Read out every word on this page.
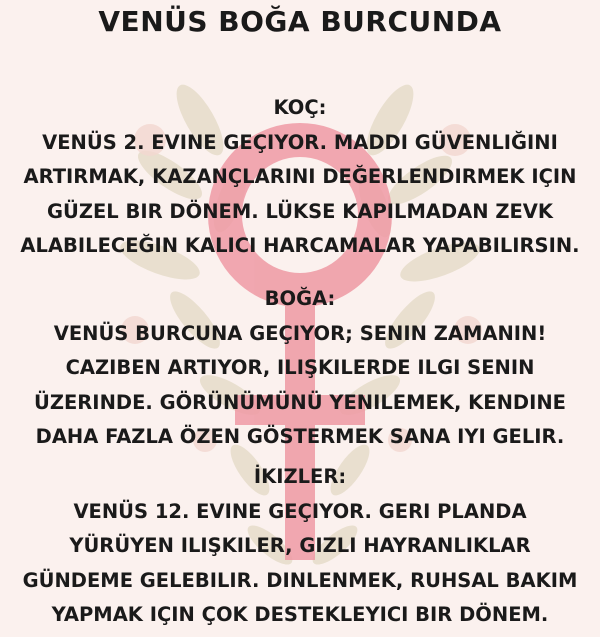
VENÜS BOĞA BURCUNDA
KOÇ:
VENÜS 2. EVINE GEÇIYOR. MADDI GÜVENLIĞINI
ARTIRMAK, KAZANÇLARINI DEĞERLENDIRMEK IÇIN
GÜZEL BIR DÖNEM. LÜKSE KAPILMADAN ZEVK
ALABILECEĞIN KALICI HARCAMALAR YAPABILIRSIN.
BOĞA:
VENÜS BURCUNA GEÇIYOR; SENIN ZAMANIN!
CAZIBEN ARTIYOR, ILIŞKILERDE ILGI SENIN
ÜZERINDE. GÖRÜNÜMÜNÜ YENILEMEK, KENDINE
DAHA FAZLA ÖZEN GÖSTERMEK SANA IYI GELIR.
İKIZLER:
VENÜS 12. EVINE GEÇIYOR. GERI PLANDA
YÜRÜYEN ILIŞKILER, GIZLI HAYRANLIKLAR
GÜNDEME GELEBILIR. DINLENMEK, RUHSAL BAKIM
YAPMAK IÇIN ÇOK DESTEKLEYICI BIR DÖNEM.
